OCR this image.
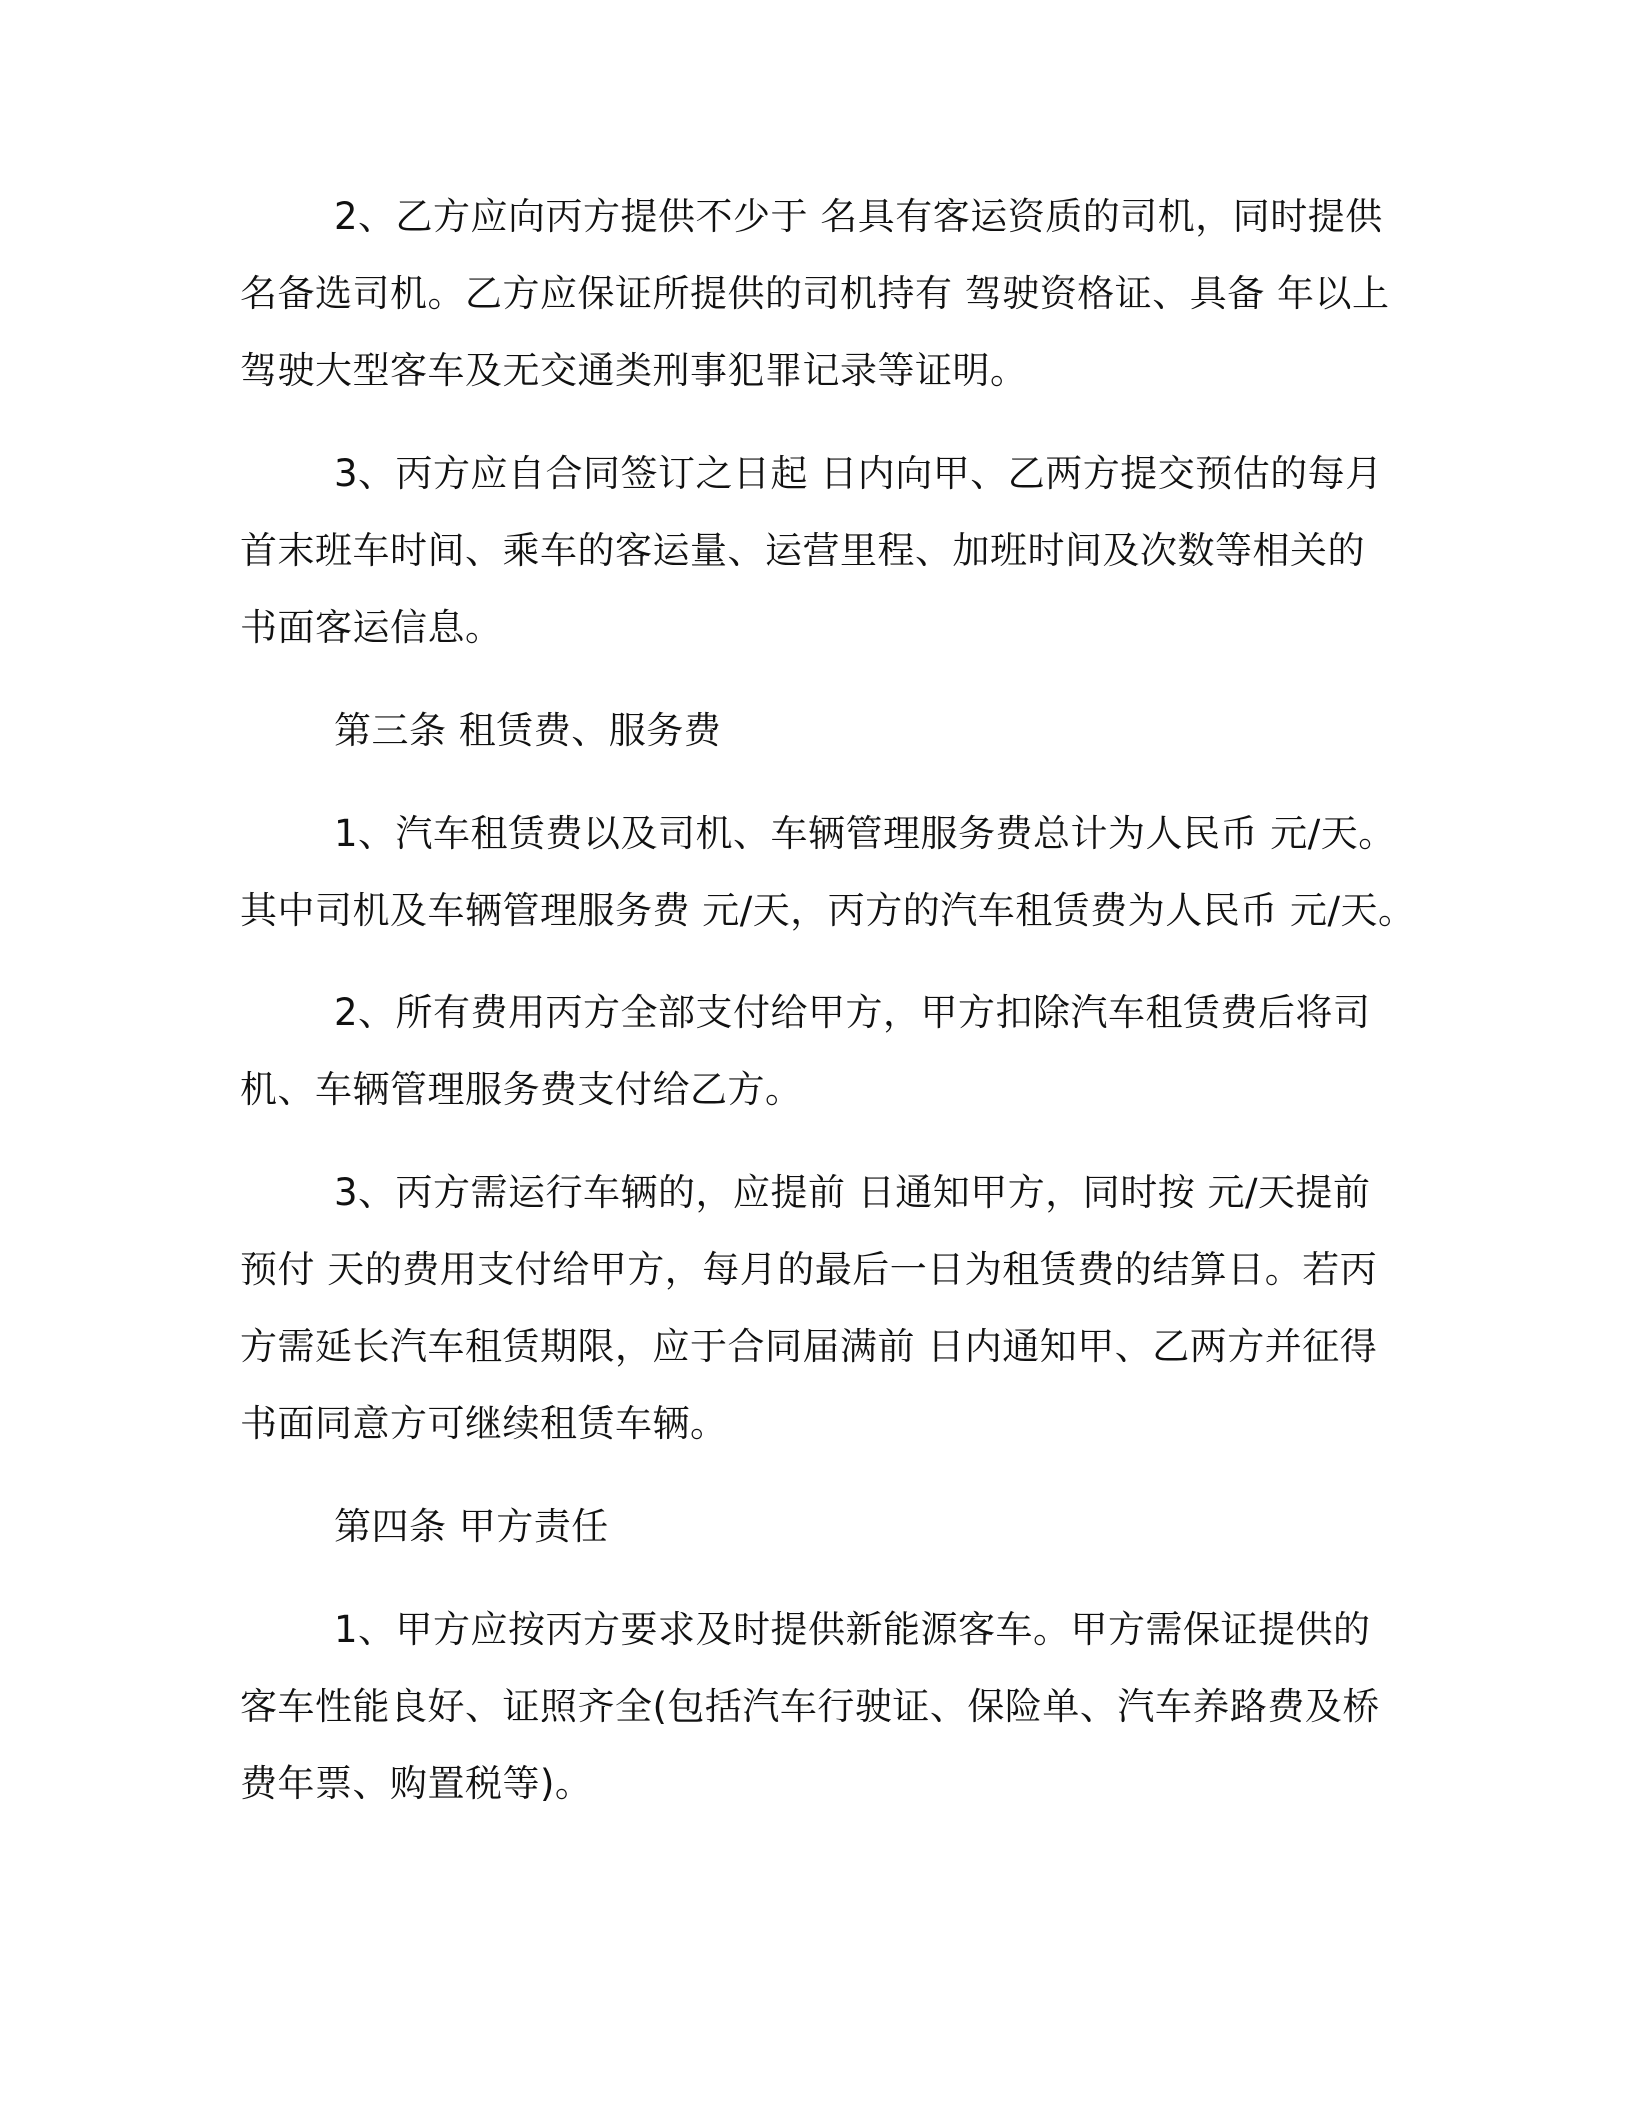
2、乙方应向丙方提供不少于 名具有客运资质的司机，同时提供
名备选司机。乙方应保证所提供的司机持有 驾驶资格证、具备 年以上
驾驶大型客车及无交通类刑事犯罪记录等证明。
3、丙方应自合同签订之日起 日内向甲、乙两方提交预估的每月
首末班车时间、乘车的客运量、运营里程、加班时间及次数等相关的
书面客运信息。
第三条 租赁费、服务费
1、汽车租赁费以及司机、车辆管理服务费总计为人民币 元/天。
其中司机及车辆管理服务费 元/天，丙方的汽车租赁费为人民币 元/天。
2、所有费用丙方全部支付给甲方，甲方扣除汽车租赁费后将司
机、车辆管理服务费支付给乙方。
3、丙方需运行车辆的，应提前 日通知甲方，同时按 元/天提前
预付 天的费用支付给甲方，每月的最后一日为租赁费的结算日。若丙
方需延长汽车租赁期限，应于合同届满前 日内通知甲、乙两方并征得
书面同意方可继续租赁车辆。
第四条 甲方责任
1、甲方应按丙方要求及时提供新能源客车。甲方需保证提供的
客车性能良好、证照齐全(包括汽车行驶证、保险单、汽车养路费及桥
费年票、购置税等)。
